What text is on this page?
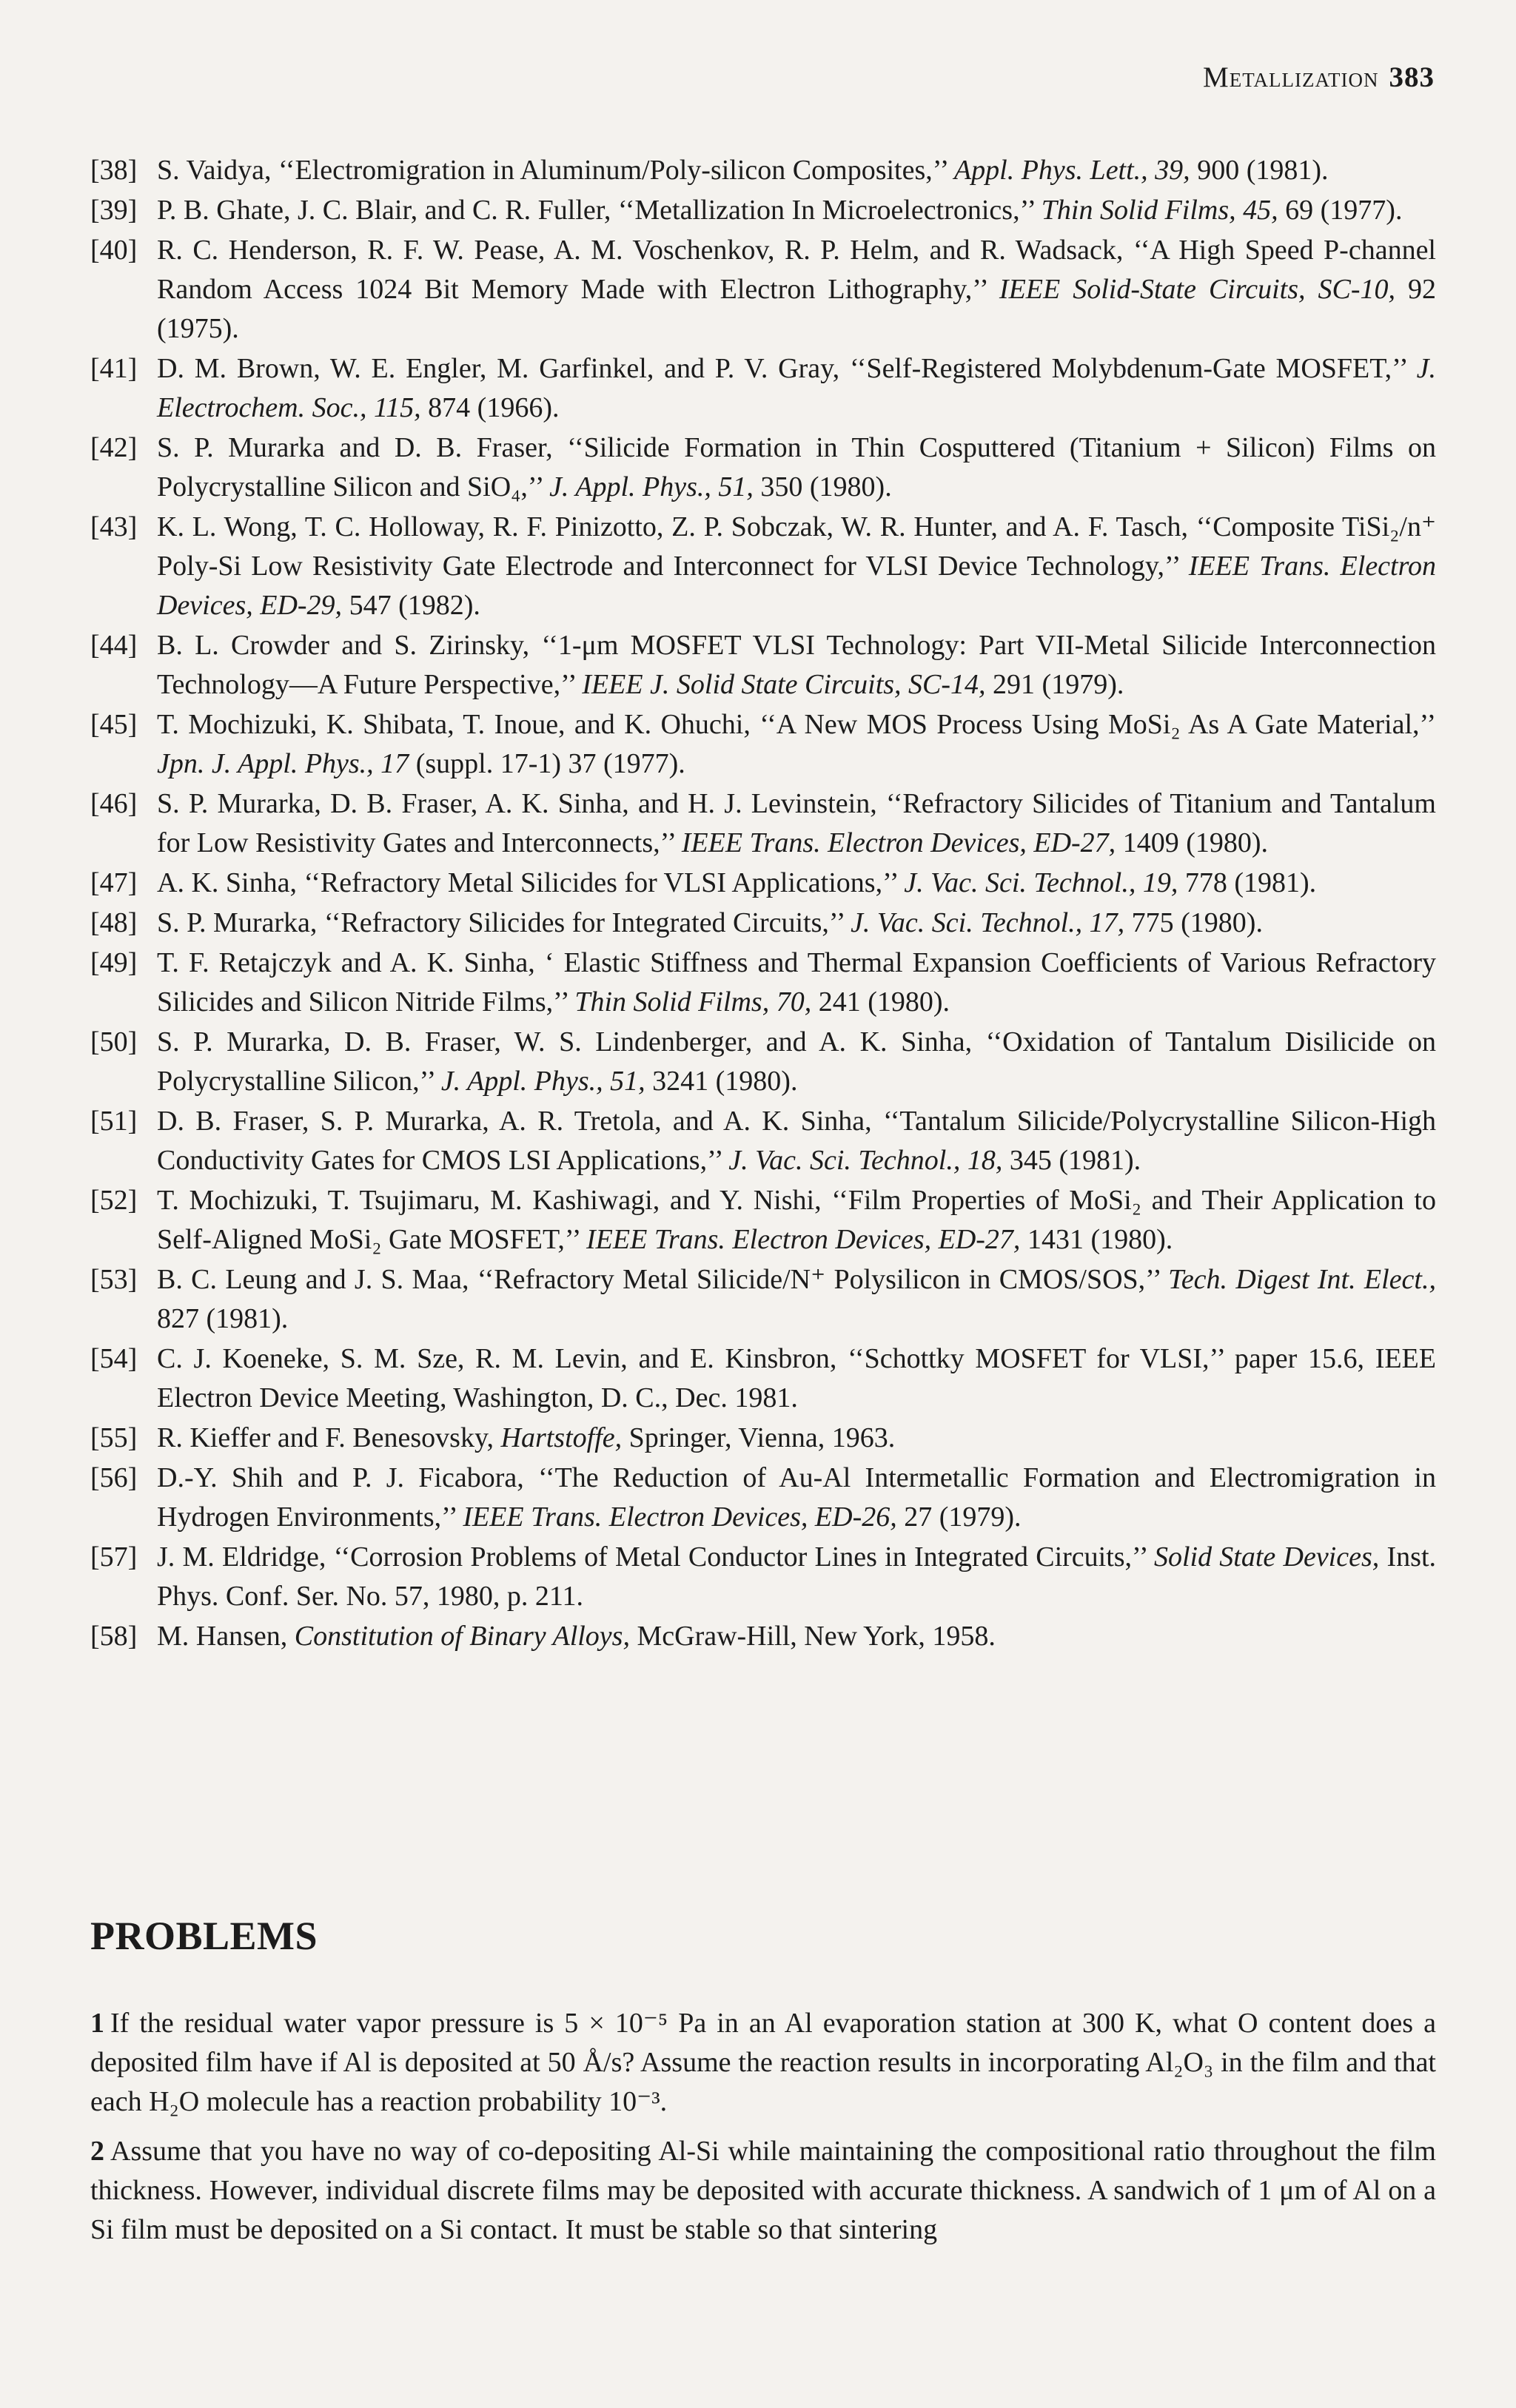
Metallization 383
[38] S. Vaidya, ‘‘Electromigration in Aluminum/Poly-silicon Composites,’’ Appl. Phys. Lett., 39, 900 (1981).
[39] P. B. Ghate, J. C. Blair, and C. R. Fuller, ‘‘Metallization In Microelectronics,’’ Thin Solid Films, 45, 69 (1977).
[40] R. C. Henderson, R. F. W. Pease, A. M. Voschenkov, R. P. Helm, and R. Wadsack, ‘‘A High Speed P-channel Random Access 1024 Bit Memory Made with Electron Lithography,’’ IEEE Solid-State Circuits, SC-10, 92 (1975).
[41] D. M. Brown, W. E. Engler, M. Garfinkel, and P. V. Gray, ‘‘Self-Registered Molybdenum-Gate MOSFET,’’ J. Electrochem. Soc., 115, 874 (1966).
[42] S. P. Murarka and D. B. Fraser, ‘‘Silicide Formation in Thin Cosputtered (Titanium + Silicon) Films on Polycrystalline Silicon and SiO₄,’’ J. Appl. Phys., 51, 350 (1980).
[43] K. L. Wong, T. C. Holloway, R. F. Pinizotto, Z. P. Sobczak, W. R. Hunter, and A. F. Tasch, ‘‘Composite TiSi₂/n⁺ Poly-Si Low Resistivity Gate Electrode and Interconnect for VLSI Device Technology,’’ IEEE Trans. Electron Devices, ED-29, 547 (1982).
[44] B. L. Crowder and S. Zirinsky, ‘‘1-μm MOSFET VLSI Technology: Part VII-Metal Silicide Interconnection Technology—A Future Perspective,’’ IEEE J. Solid State Circuits, SC-14, 291 (1979).
[45] T. Mochizuki, K. Shibata, T. Inoue, and K. Ohuchi, ‘‘A New MOS Process Using MoSi₂ As A Gate Material,’’ Jpn. J. Appl. Phys., 17 (suppl. 17-1) 37 (1977).
[46] S. P. Murarka, D. B. Fraser, A. K. Sinha, and H. J. Levinstein, ‘‘Refractory Silicides of Titanium and Tantalum for Low Resistivity Gates and Interconnects,’’ IEEE Trans. Electron Devices, ED-27, 1409 (1980).
[47] A. K. Sinha, ‘‘Refractory Metal Silicides for VLSI Applications,’’ J. Vac. Sci. Technol., 19, 778 (1981).
[48] S. P. Murarka, ‘‘Refractory Silicides for Integrated Circuits,’’ J. Vac. Sci. Technol., 17, 775 (1980).
[49] T. F. Retajczyk and A. K. Sinha, ‘ Elastic Stiffness and Thermal Expansion Coefficients of Various Refractory Silicides and Silicon Nitride Films,’’ Thin Solid Films, 70, 241 (1980).
[50] S. P. Murarka, D. B. Fraser, W. S. Lindenberger, and A. K. Sinha, ‘‘Oxidation of Tantalum Disilicide on Polycrystalline Silicon,’’ J. Appl. Phys., 51, 3241 (1980).
[51] D. B. Fraser, S. P. Murarka, A. R. Tretola, and A. K. Sinha, ‘‘Tantalum Silicide/Polycrystalline Silicon-High Conductivity Gates for CMOS LSI Applications,’’ J. Vac. Sci. Technol., 18, 345 (1981).
[52] T. Mochizuki, T. Tsujimaru, M. Kashiwagi, and Y. Nishi, ‘‘Film Properties of MoSi₂ and Their Application to Self-Aligned MoSi₂ Gate MOSFET,’’ IEEE Trans. Electron Devices, ED-27, 1431 (1980).
[53] B. C. Leung and J. S. Maa, ‘‘Refractory Metal Silicide/N⁺ Polysilicon in CMOS/SOS,’’ Tech. Digest Int. Elect., 827 (1981).
[54] C. J. Koeneke, S. M. Sze, R. M. Levin, and E. Kinsbron, ‘‘Schottky MOSFET for VLSI,’’ paper 15.6, IEEE Electron Device Meeting, Washington, D. C., Dec. 1981.
[55] R. Kieffer and F. Benesovsky, Hartstoffe, Springer, Vienna, 1963.
[56] D.-Y. Shih and P. J. Ficabora, ‘‘The Reduction of Au-Al Intermetallic Formation and Electromigration in Hydrogen Environments,’’ IEEE Trans. Electron Devices, ED-26, 27 (1979).
[57] J. M. Eldridge, ‘‘Corrosion Problems of Metal Conductor Lines in Integrated Circuits,’’ Solid State Devices, Inst. Phys. Conf. Ser. No. 57, 1980, p. 211.
[58] M. Hansen, Constitution of Binary Alloys, McGraw-Hill, New York, 1958.
PROBLEMS
1 If the residual water vapor pressure is 5 × 10⁻⁵ Pa in an Al evaporation station at 300 K, what O content does a deposited film have if Al is deposited at 50 Å/s? Assume the reaction results in incorporating Al₂O₃ in the film and that each H₂O molecule has a reaction probability 10⁻³.
2 Assume that you have no way of co-depositing Al-Si while maintaining the compositional ratio throughout the film thickness. However, individual discrete films may be deposited with accurate thickness. A sandwich of 1 μm of Al on a Si film must be deposited on a Si contact. It must be stable so that sintering
